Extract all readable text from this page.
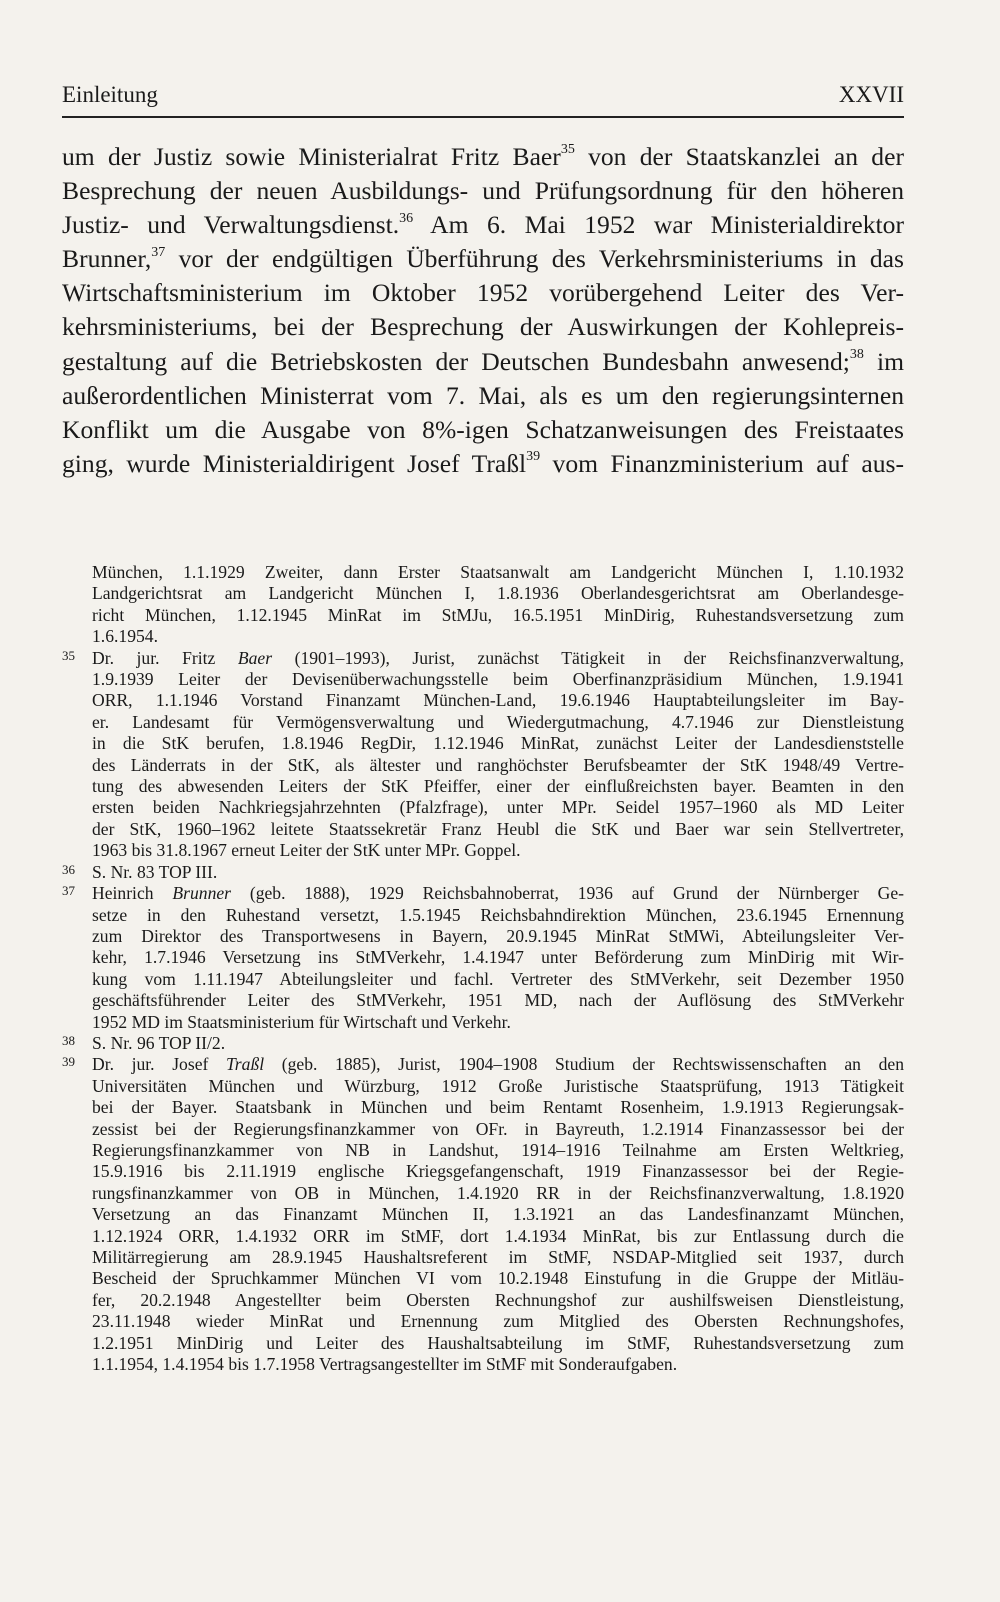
Einleitung	XXVII
um der Justiz sowie Ministerialrat Fritz Baer$^{35}$ von der Staatskanzlei an der
Besprechung der neuen Ausbildungs- und Prüfungsordnung für den höheren
Justiz- und Verwaltungsdienst.$^{36}$ Am 6. Mai 1952 war Ministerialdirektor
Brunner,$^{37}$ vor der endgültigen Überführung des Verkehrsministeriums in das
Wirtschaftsministerium im Oktober 1952 vorübergehend Leiter des Ver-
kehrsministeriums, bei der Besprechung der Auswirkungen der Kohlepreis-
gestaltung auf die Betriebskosten der Deutschen Bundesbahn anwesend;$^{38}$ im
außerordentlichen Ministerrat vom 7. Mai, als es um den regierungsinternen
Konflikt um die Ausgabe von 8%-igen Schatzanweisungen des Freistaates
ging, wurde Ministerialdirigent Josef Traßl$^{39}$ vom Finanzministerium auf aus-
München, 1.1.1929 Zweiter, dann Erster Staatsanwalt am Landgericht München I, 1.10.1932
Landgerichtsrat am Landgericht München I, 1.8.1936 Oberlandesgerichtsrat am Oberlandesge-
richt München, 1.12.1945 MinRat im StMJu, 16.5.1951 MinDirig, Ruhestandsversetzung zum
1.6.1954.
35 Dr. jur. Fritz Baer (1901–1993), Jurist, zunächst Tätigkeit in der Reichsfinanzverwaltung,
1.9.1939 Leiter der Devisenüberwachungsstelle beim Oberfinanzpräsidium München, 1.9.1941
ORR, 1.1.1946 Vorstand Finanzamt München-Land, 19.6.1946 Hauptabteilungsleiter im Bay-
er. Landesamt für Vermögensverwaltung und Wiedergutmachung, 4.7.1946 zur Dienstleistung
in die StK berufen, 1.8.1946 RegDir, 1.12.1946 MinRat, zunächst Leiter der Landesdienststelle
des Länderrats in der StK, als ältester und ranghöchster Berufsbeamter der StK 1948/49 Vertre-
tung des abwesenden Leiters der StK Pfeiffer, einer der einflußreichsten bayer. Beamten in den
ersten beiden Nachkriegsjahrzehnten (Pfalzfrage), unter MPr. Seidel 1957–1960 als MD Leiter
der StK, 1960–1962 leitete Staatssekretär Franz Heubl die StK und Baer war sein Stellvertreter,
1963 bis 31.8.1967 erneut Leiter der StK unter MPr. Goppel.
36 S. Nr. 83 TOP III.
37 Heinrich Brunner (geb. 1888), 1929 Reichsbahnoberrat, 1936 auf Grund der Nürnberger Ge-
setze in den Ruhestand versetzt, 1.5.1945 Reichsbahndirektion München, 23.6.1945 Ernennung
zum Direktor des Transportwesens in Bayern, 20.9.1945 MinRat StMWi, Abteilungsleiter Ver-
kehr, 1.7.1946 Versetzung ins StMVerkehr, 1.4.1947 unter Beförderung zum MinDirig mit Wir-
kung vom 1.11.1947 Abteilungsleiter und fachl. Vertreter des StMVerkehr, seit Dezember 1950
geschäftsführender Leiter des StMVerkehr, 1951 MD, nach der Auflösung des StMVerkehr
1952 MD im Staatsministerium für Wirtschaft und Verkehr.
38 S. Nr. 96 TOP II/2.
39 Dr. jur. Josef Traßl (geb. 1885), Jurist, 1904–1908 Studium der Rechtswissenschaften an den
Universitäten München und Würzburg, 1912 Große Juristische Staatsprüfung, 1913 Tätigkeit
bei der Bayer. Staatsbank in München und beim Rentamt Rosenheim, 1.9.1913 Regierungsak-
zessist bei der Regierungsfinanzkammer von OFr. in Bayreuth, 1.2.1914 Finanzassessor bei der
Regierungsfinanzkammer von NB in Landshut, 1914–1916 Teilnahme am Ersten Weltkrieg,
15.9.1916 bis 2.11.1919 englische Kriegsgefangenschaft, 1919 Finanzassessor bei der Regie-
rungsfinanzkammer von OB in München, 1.4.1920 RR in der Reichsfinanzverwaltung, 1.8.1920
Versetzung an das Finanzamt München II, 1.3.1921 an das Landesfinanzamt München,
1.12.1924 ORR, 1.4.1932 ORR im StMF, dort 1.4.1934 MinRat, bis zur Entlassung durch die
Militärregierung am 28.9.1945 Haushaltsreferent im StMF, NSDAP-Mitglied seit 1937, durch
Bescheid der Spruchkammer München VI vom 10.2.1948 Einstufung in die Gruppe der Mitläu-
fer, 20.2.1948 Angestellter beim Obersten Rechnungshof zur aushilfsweisen Dienstleistung,
23.11.1948 wieder MinRat und Ernennung zum Mitglied des Obersten Rechnungshofes,
1.2.1951 MinDirig und Leiter des Haushaltsabteilung im StMF, Ruhestandsversetzung zum
1.1.1954, 1.4.1954 bis 1.7.1958 Vertragsangestellter im StMF mit Sonderaufgaben.
